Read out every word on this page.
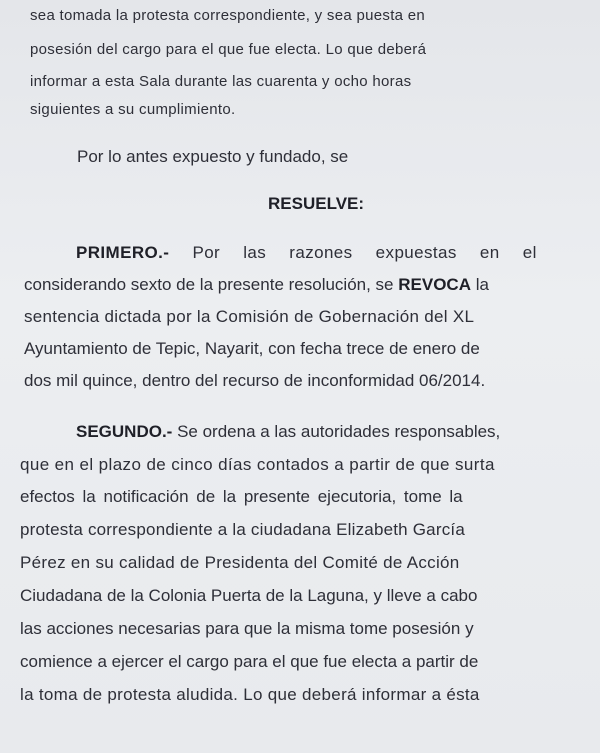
sea tomada la protesta correspondiente, y sea puesta en
posesión del cargo para el que fue electa. Lo que deberá
informar a esta Sala durante las cuarenta y ocho horas
siguientes a su cumplimiento.
Por lo antes expuesto y fundado, se
RESUELVE:
PRIMERO.- Por las razones expuestas en el
considerando sexto de la presente resolución, se REVOCA la
sentencia dictada por la Comisión de Gobernación del XL
Ayuntamiento de Tepic, Nayarit, con fecha trece de enero de
dos mil quince, dentro del recurso de inconformidad 06/2014.
SEGUNDO.- Se ordena a las autoridades responsables,
que en el plazo de cinco días contados a partir de que surta
efectos la notificación de la presente ejecutoria, tome la
protesta correspondiente a la ciudadana Elizabeth García
Pérez en su calidad de Presidenta del Comité de Acción
Ciudadana de la Colonia Puerta de la Laguna, y lleve a cabo
las acciones necesarias para que la misma tome posesión y
comience a ejercer el cargo para el que fue electa a partir de
la toma de protesta aludida. Lo que deberá informar a ésta
